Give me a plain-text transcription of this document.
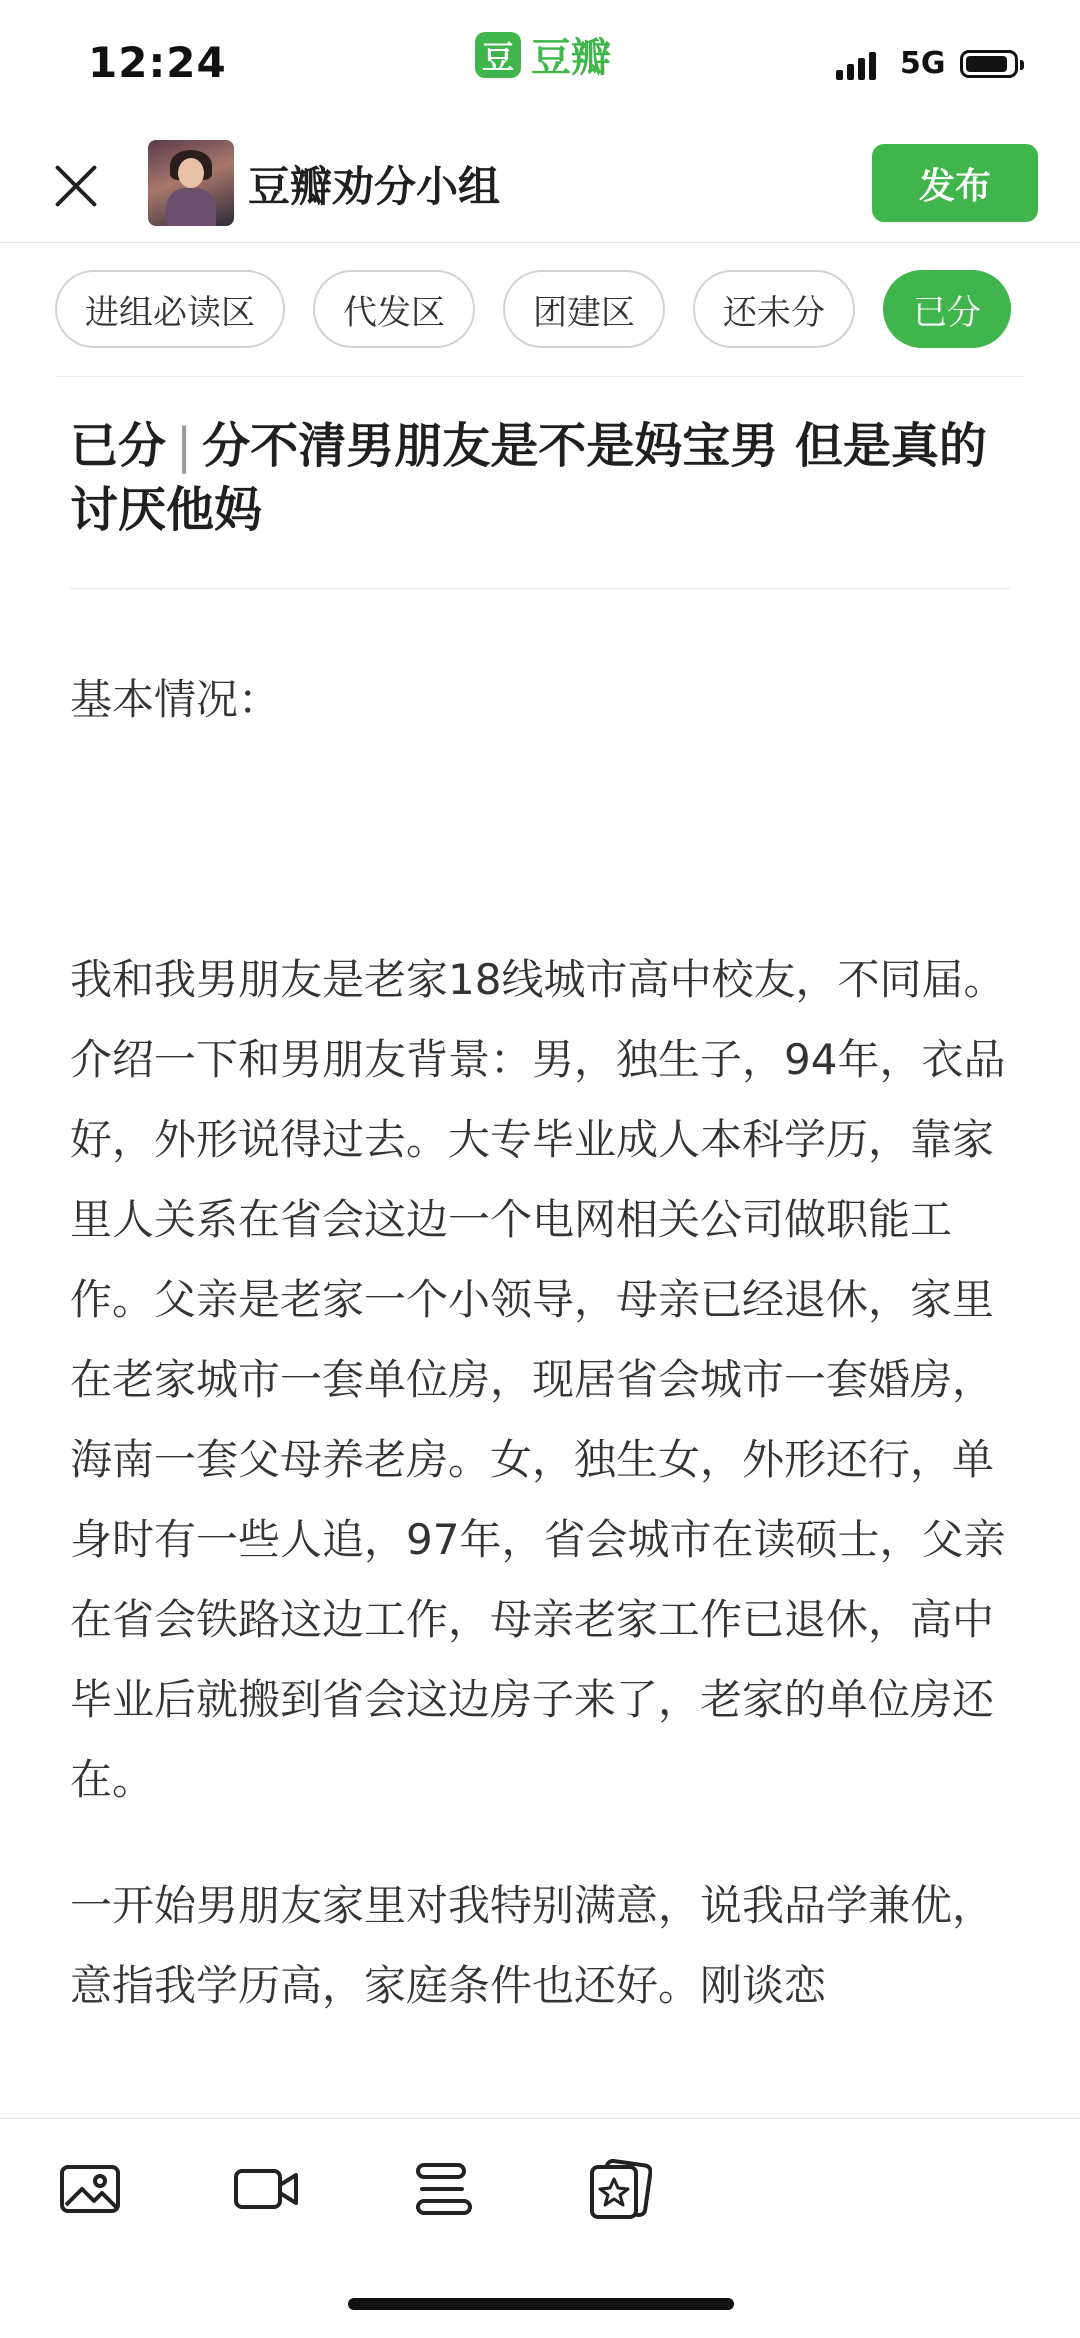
12:24	豆 豆瓣	5G
豆瓣劝分小组	发布
进组必读区	代发区	团建区	还未分	已分
已分 | 分不清男朋友是不是妈宝男 但是真的讨厌他妈

基本情况：

我和我男朋友是老家18线城市高中校友，不同届。介绍一下和男朋友背景：男，独生子，94年，衣品好，外形说得过去。大专毕业成人本科学历，靠家里人关系在省会这边一个电网相关公司做职能工作。父亲是老家一个小领导，母亲已经退休，家里在老家城市一套单位房，现居省会城市一套婚房，海南一套父母养老房。女，独生女，外形还行，单身时有一些人追，97年，省会城市在读硕士，父亲在省会铁路这边工作，母亲老家工作已退休，高中毕业后就搬到省会这边房子来了，老家的单位房还在。

一开始男朋友家里对我特别满意，说我品学兼优，意指我学历高，家庭条件也还好。刚谈恋
